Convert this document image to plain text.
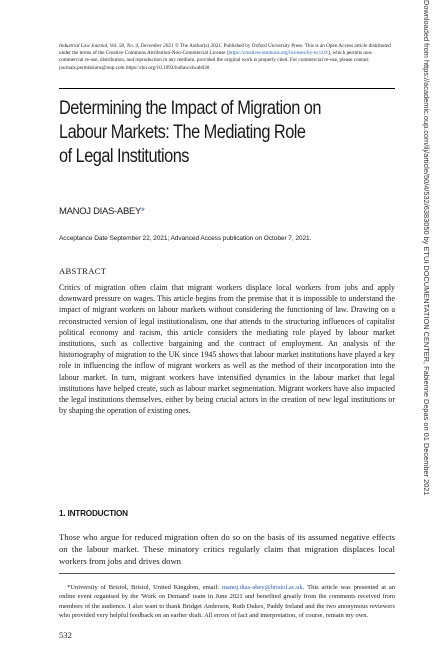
Industrial Law Journal, Vol. 50, No. 4, December 2021 © The Author(s) 2021. Published by Oxford University Press. This is an Open Access article distributed under the terms of the Creative Commons Attribution-Non-Commercial License (https://creativecommons.org/licenses/by-nc/4.0/), which permits non-commercial re-use, distribution, and reproduction in any medium, provided the original work is properly cited. For commercial re-use, please contact journals.permissions@oup.com https://doi.org/10.1093/indlaw/dwab030
Determining the Impact of Migration on
Labour Markets: The Mediating Role
of Legal Institutions
MANOJ DIAS-ABEY*
Acceptance Date September 22, 2021; Advanced Access publication on October 7, 2021.
ABSTRACT
Critics of migration often claim that migrant workers displace local workers from jobs and apply downward pressure on wages. This article begins from the premise that it is impossible to understand the impact of migrant workers on labour markets without considering the functioning of law. Drawing on a reconstructed version of legal institutionalism, one that attends to the structuring influences of capitalist political economy and racism, this article considers the mediating role played by labour market institutions, such as collective bargaining and the contract of employment. An analysis of the historiography of migration to the UK since 1945 shows that labour market institutions have played a key role in influencing the inflow of migrant workers as well as the method of their incorporation into the labour market. In turn, migrant workers have intensified dynamics in the labour market that legal institutions have helped create, such as labour market segmentation. Migrant workers have also impacted the legal institutions themselves, either by being crucial actors in the creation of new legal institutions or by shaping the operation of existing ones.
1. INTRODUCTION
Those who argue for reduced migration often do so on the basis of its assumed negative effects on the labour market. These minatory critics regularly claim that migration displaces local workers from jobs and drives down
*University of Bristol, Bristol, United Kingdom, email: manoj.dias-abey@bristol.ac.uk. This article was presented at an online event organised by the 'Work on Demand' team in June 2021 and benefited greatly from the comments received from members of the audience. I also want to thank Bridget Anderson, Ruth Dukes, Paddy Ireland and the two anonymous reviewers who provided very helpful feedback on an earlier draft. All errors of fact and interpretation, of course, remain my own.
532
Downloaded from https://academic.oup.com/ilj/article/50/4/532/6383050 by ETUI DOCUMENTATION CENTER, Fabienne Depas on 01 December 2021
